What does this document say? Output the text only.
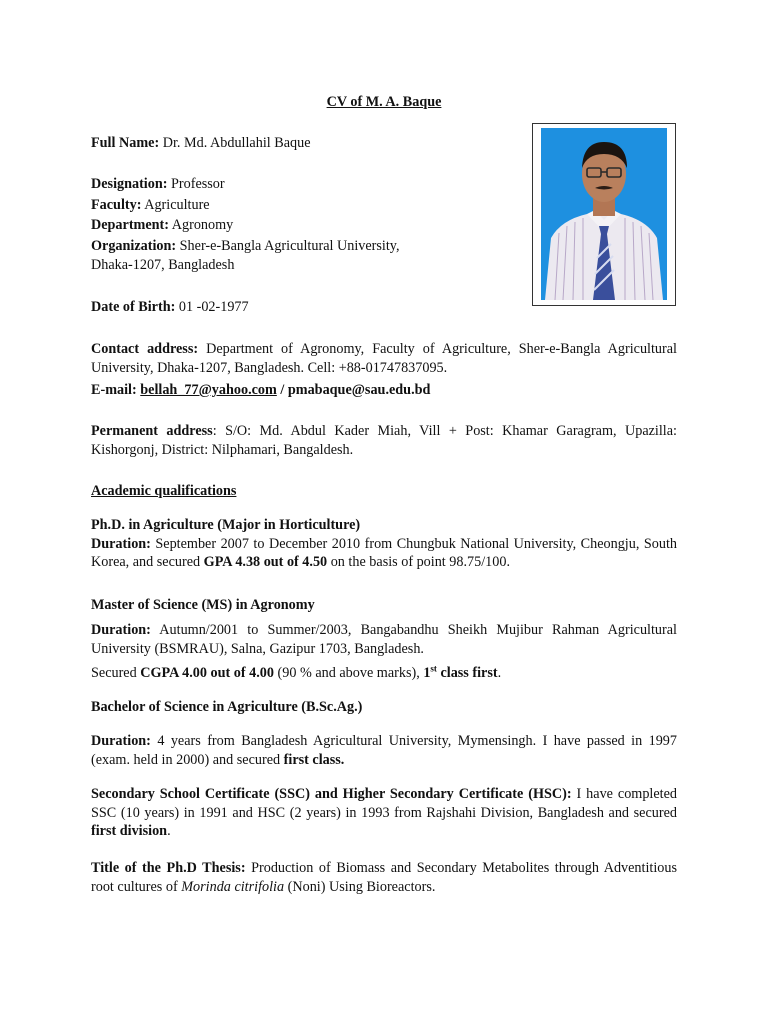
CV of M. A. Baque
Full Name: Dr. Md. Abdullahil Baque
Designation: Professor
Faculty: Agriculture
Department: Agronomy
Organization: Sher-e-Bangla Agricultural University,
Dhaka-1207, Bangladesh
Date of Birth: 01 -02-1977
Contact address: Department of Agronomy, Faculty of Agriculture, Sher-e-Bangla Agricultural University, Dhaka-1207, Bangladesh. Cell: +88-01747837095.
E-mail: bellah_77@yahoo.com / pmabaque@sau.edu.bd
Permanent address: S/O: Md. Abdul Kader Miah, Vill + Post: Khamar Garagram, Upazilla: Kishorgonj, District: Nilphamari, Bangaldesh.
Academic qualifications
Ph.D. in Agriculture (Major in Horticulture)
Duration: September 2007 to December 2010 from Chungbuk National University, Cheongju, South Korea, and secured GPA 4.38 out of 4.50 on the basis of point 98.75/100.
Master of Science (MS) in Agronomy
Duration: Autumn/2001 to Summer/2003, Bangabandhu Sheikh Mujibur Rahman Agricultural University (BSMRAU), Salna, Gazipur 1703, Bangladesh.
Secured CGPA 4.00 out of 4.00 (90 % and above marks), 1st class first.
Bachelor of Science in Agriculture (B.Sc.Ag.)
Duration: 4 years from Bangladesh Agricultural University, Mymensingh. I have passed in 1997 (exam. held in 2000) and secured first class.
Secondary School Certificate (SSC) and Higher Secondary Certificate (HSC): I have completed SSC (10 years) in 1991 and HSC (2 years) in 1993 from Rajshahi Division, Bangladesh and secured first division.
Title of the Ph.D Thesis: Production of Biomass and Secondary Metabolites through Adventitious root cultures of Morinda citrifolia (Noni) Using Bioreactors.
